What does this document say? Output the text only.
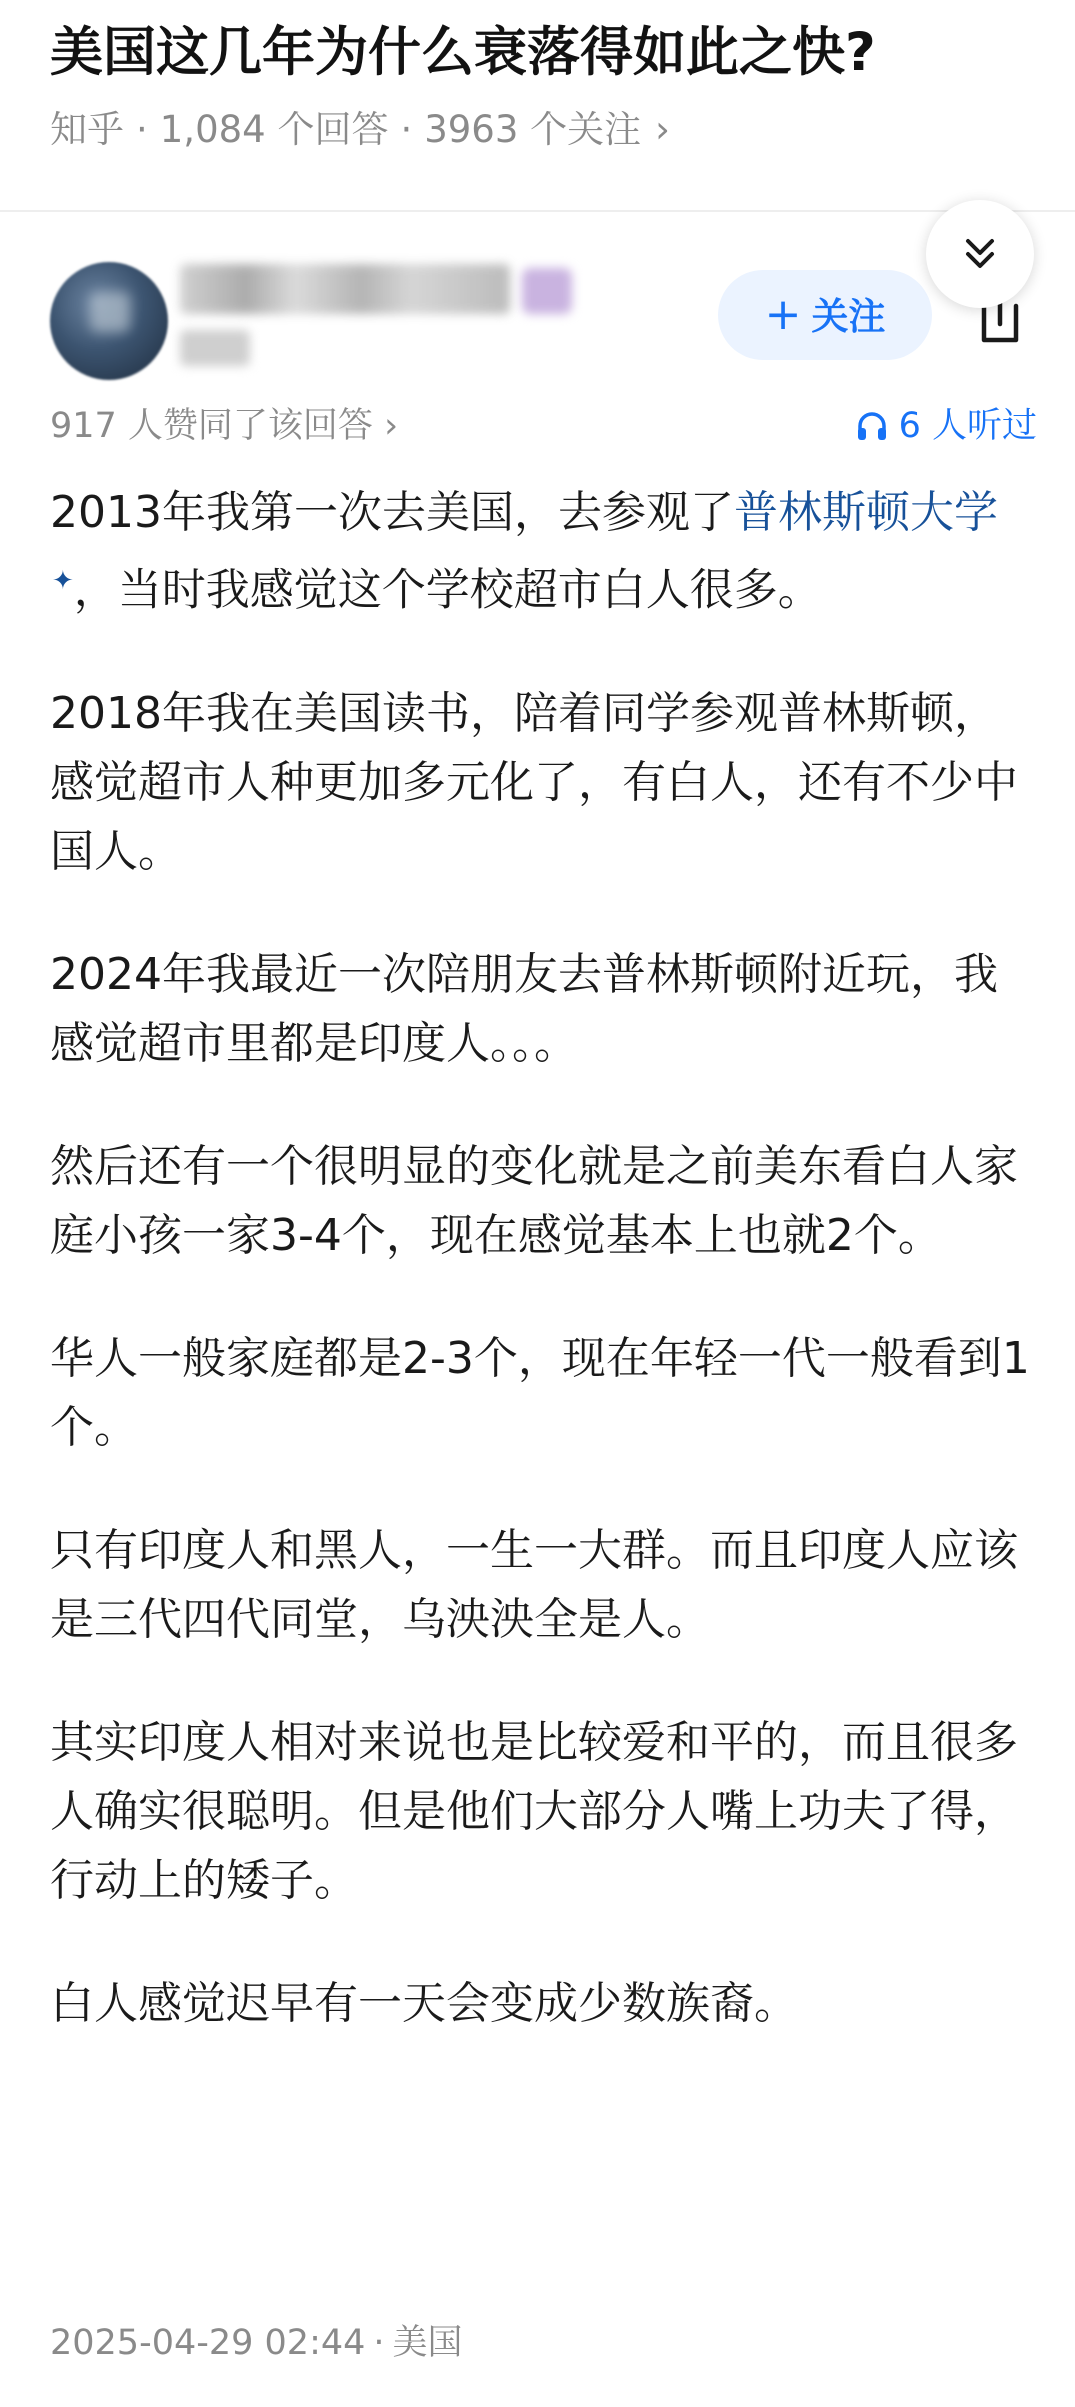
美国这几年为什么衰落得如此之快?
知乎 · 1,084 个回答 · 3963 个关注 ›
+ 关注
917 人赞同了该回答 ›	6 人听过

2013年我第一次去美国，去参观了普林斯顿大学✦，当时我感觉这个学校超市白人很多。

2018年我在美国读书，陪着同学参观普林斯顿，感觉超市人种更加多元化了，有白人，还有不少中国人。

2024年我最近一次陪朋友去普林斯顿附近玩，我感觉超市里都是印度人。。。

然后还有一个很明显的变化就是之前美东看白人家庭小孩一家3-4个，现在感觉基本上也就2个。

华人一般家庭都是2-3个，现在年轻一代一般看到1个。

只有印度人和黑人，一生一大群。而且印度人应该是三代四代同堂，乌泱泱全是人。

其实印度人相对来说也是比较爱和平的，而且很多人确实很聪明。但是他们大部分人嘴上功夫了得，行动上的矮子。

白人感觉迟早有一天会变成少数族裔。

2025-04-29 02:44 · 美国
